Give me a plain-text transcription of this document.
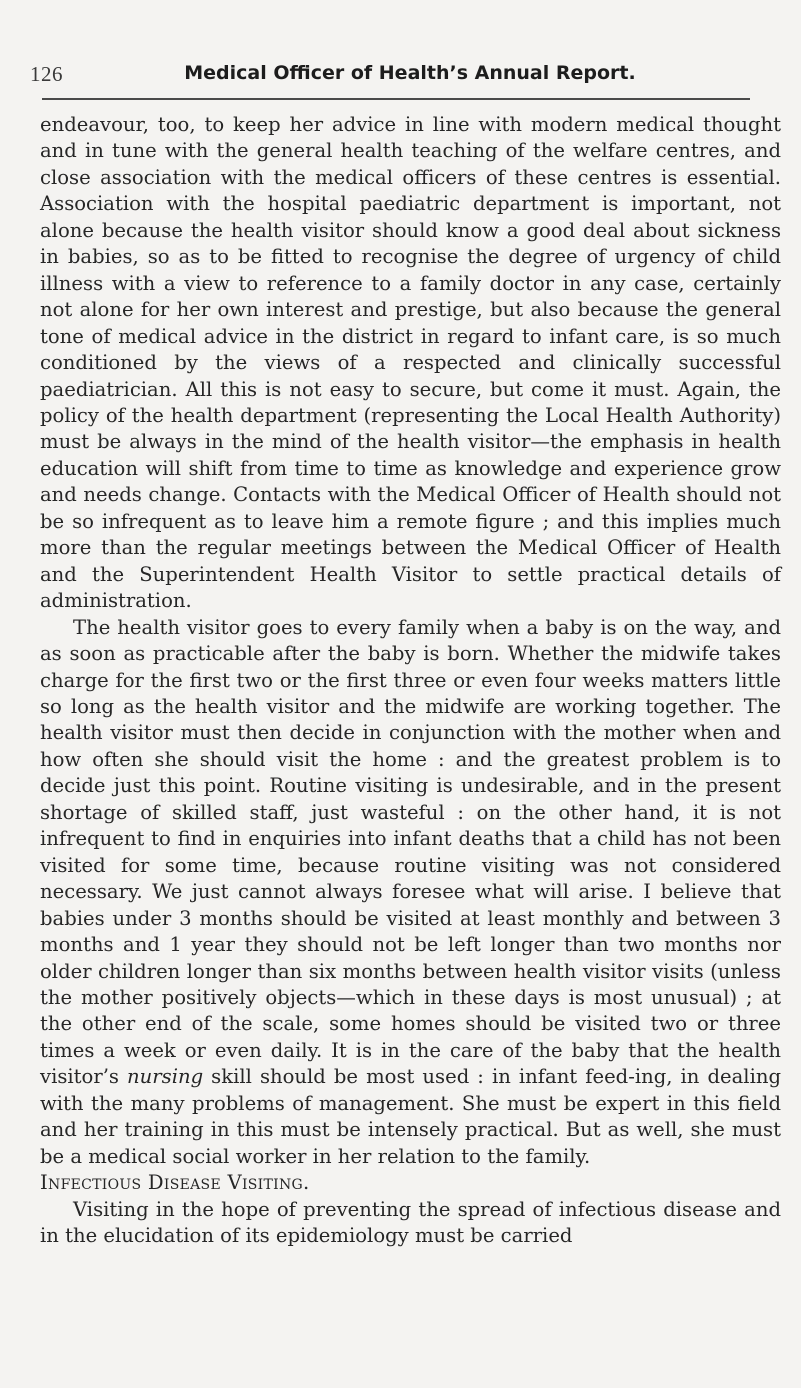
126	Medical Officer of Health’s Annual Report.

endeavour, too, to keep her advice in line with modern medical thought and in tune with the general health teaching of the welfare centres, and close association with the medical officers of these centres is essential. Association with the hospital paediatric department is important, not alone because the health visitor should know a good deal about sickness in babies, so as to be fitted to recognise the degree of urgency of child illness with a view to reference to a family doctor in any case, certainly not alone for her own interest and prestige, but also because the general tone of medical advice in the district in regard to infant care, is so much conditioned by the views of a respected and clinically successful paediatrician. All this is not easy to secure, but come it must. Again, the policy of the health department (representing the Local Health Authority) must be always in the mind of the health visitor—the emphasis in health education will shift from time to time as knowledge and experience grow and needs change. Contacts with the Medical Officer of Health should not be so infrequent as to leave him a remote figure ; and this implies much more than the regular meetings between the Medical Officer of Health and the Superintendent Health Visitor to settle practical details of administration.

The health visitor goes to every family when a baby is on the way, and as soon as practicable after the baby is born. Whether the midwife takes charge for the first two or the first three or even four weeks matters little so long as the health visitor and the midwife are working together. The health visitor must then decide in conjunction with the mother when and how often she should visit the home : and the greatest problem is to decide just this point. Routine visiting is undesirable, and in the present shortage of skilled staff, just wasteful : on the other hand, it is not infrequent to find in enquiries into infant deaths that a child has not been visited for some time, because routine visiting was not considered necessary. We just cannot always foresee what will arise. I believe that babies under 3 months should be visited at least monthly and between 3 months and 1 year they should not be left longer than two months nor older children longer than six months between health visitor visits (unless the mother positively objects—which in these days is most unusual) ; at the other end of the scale, some homes should be visited two or three times a week or even daily. It is in the care of the baby that the health visitor’s nursing skill should be most used : in infant feed-ing, in dealing with the many problems of management. She must be expert in this field and her training in this must be intensely practical. But as well, she must be a medical social worker in her relation to the family.

Infectious Disease Visiting.

Visiting in the hope of preventing the spread of infectious disease and in the elucidation of its epidemiology must be carried
